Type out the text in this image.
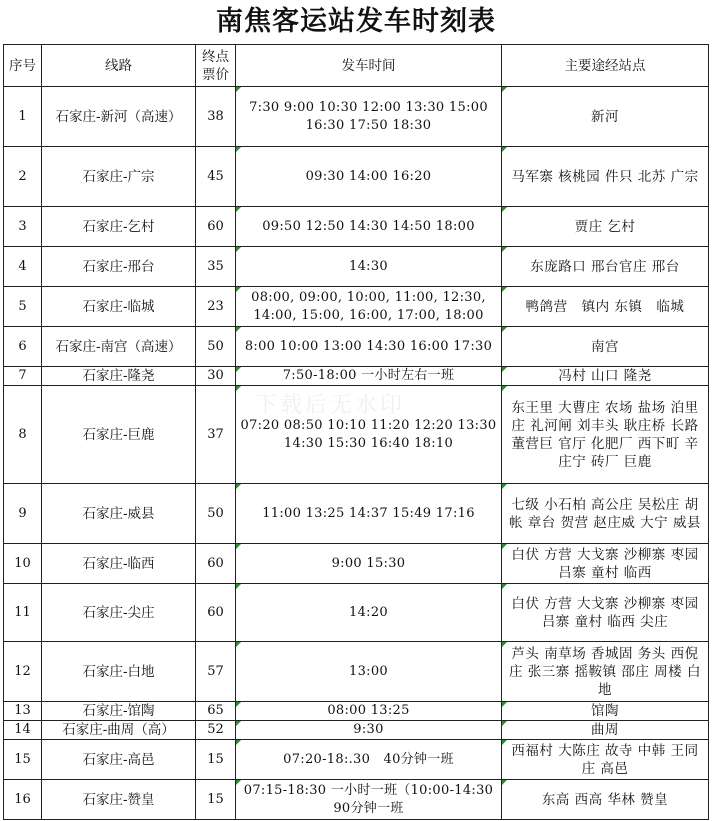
南焦客运站发车时刻表
序号	线路	终点票价	发车时间	主要途经站点
1	石家庄-新河（高速）	38	7:30 9:00 10:30 12:00 13:30 15:00 16:30 17:50 18:30	新河
2	石家庄-广宗	45	09:30 14:00 16:20	马军寨 核桃园 件只 北苏 广宗
3	石家庄-乞村	60	09:50 12:50 14:30 14:50 18:00	贾庄 乞村
4	石家庄-邢台	35	14:30	东庞路口 邢台官庄 邢台
5	石家庄-临城	23	08:00, 09:00, 10:00, 11:00, 12:30, 14:00, 15:00, 16:00, 17:00, 18:00	鸭鸽营　镇内 东镇　临城
6	石家庄-南宫（高速）	50	8:00 10:00 13:00 14:30 16:00 17:30	南宫
7	石家庄-隆尧	30	7:50-18:00 一小时左右一班	冯村 山口 隆尧
8	石家庄-巨鹿	37	07:20 08:50 10:10 11:20 12:20 13:30 14:30 15:30 16:40 18:10	东王里 大曹庄 农场 盐场 泊里庄 礼河闸 刘丰头 耿庄桥 长路 董营巨 官厅 化肥厂 西下町 辛庄宁 砖厂 巨鹿
9	石家庄-威县	50	11:00 13:25 14:37 15:49 17:16	七级 小石柏 高公庄 吴松庄 胡帐 章台 贺营 赵庄威 大宁 威县
10	石家庄-临西	60	9:00 15:30	白伏 方营 大戈寨 沙柳寨 枣园 吕寨 童村 临西
11	石家庄-尖庄	60	14:20	白伏 方营 大戈寨 沙柳寨 枣园吕寨 童村 临西 尖庄
12	石家庄-白地	57	13:00	芦头 南草场 香城固 务头 西倪庄 张三寨 摇鞍镇 邵庄 周楼 白地
13	石家庄-馆陶	65	08:00 13:25	馆陶
14	石家庄-曲周（高）	52	9:30	曲周
15	石家庄-高邑	15	07:20-18:.30　40分钟一班	西福村 大陈庄 故寺 中韩 王同庄 高邑
16	石家庄-赞皇	15	07:15-18:30 一小时一班（10:00-14:30 90分钟一班	东高 西高 华林 赞皇
下载后无水印
